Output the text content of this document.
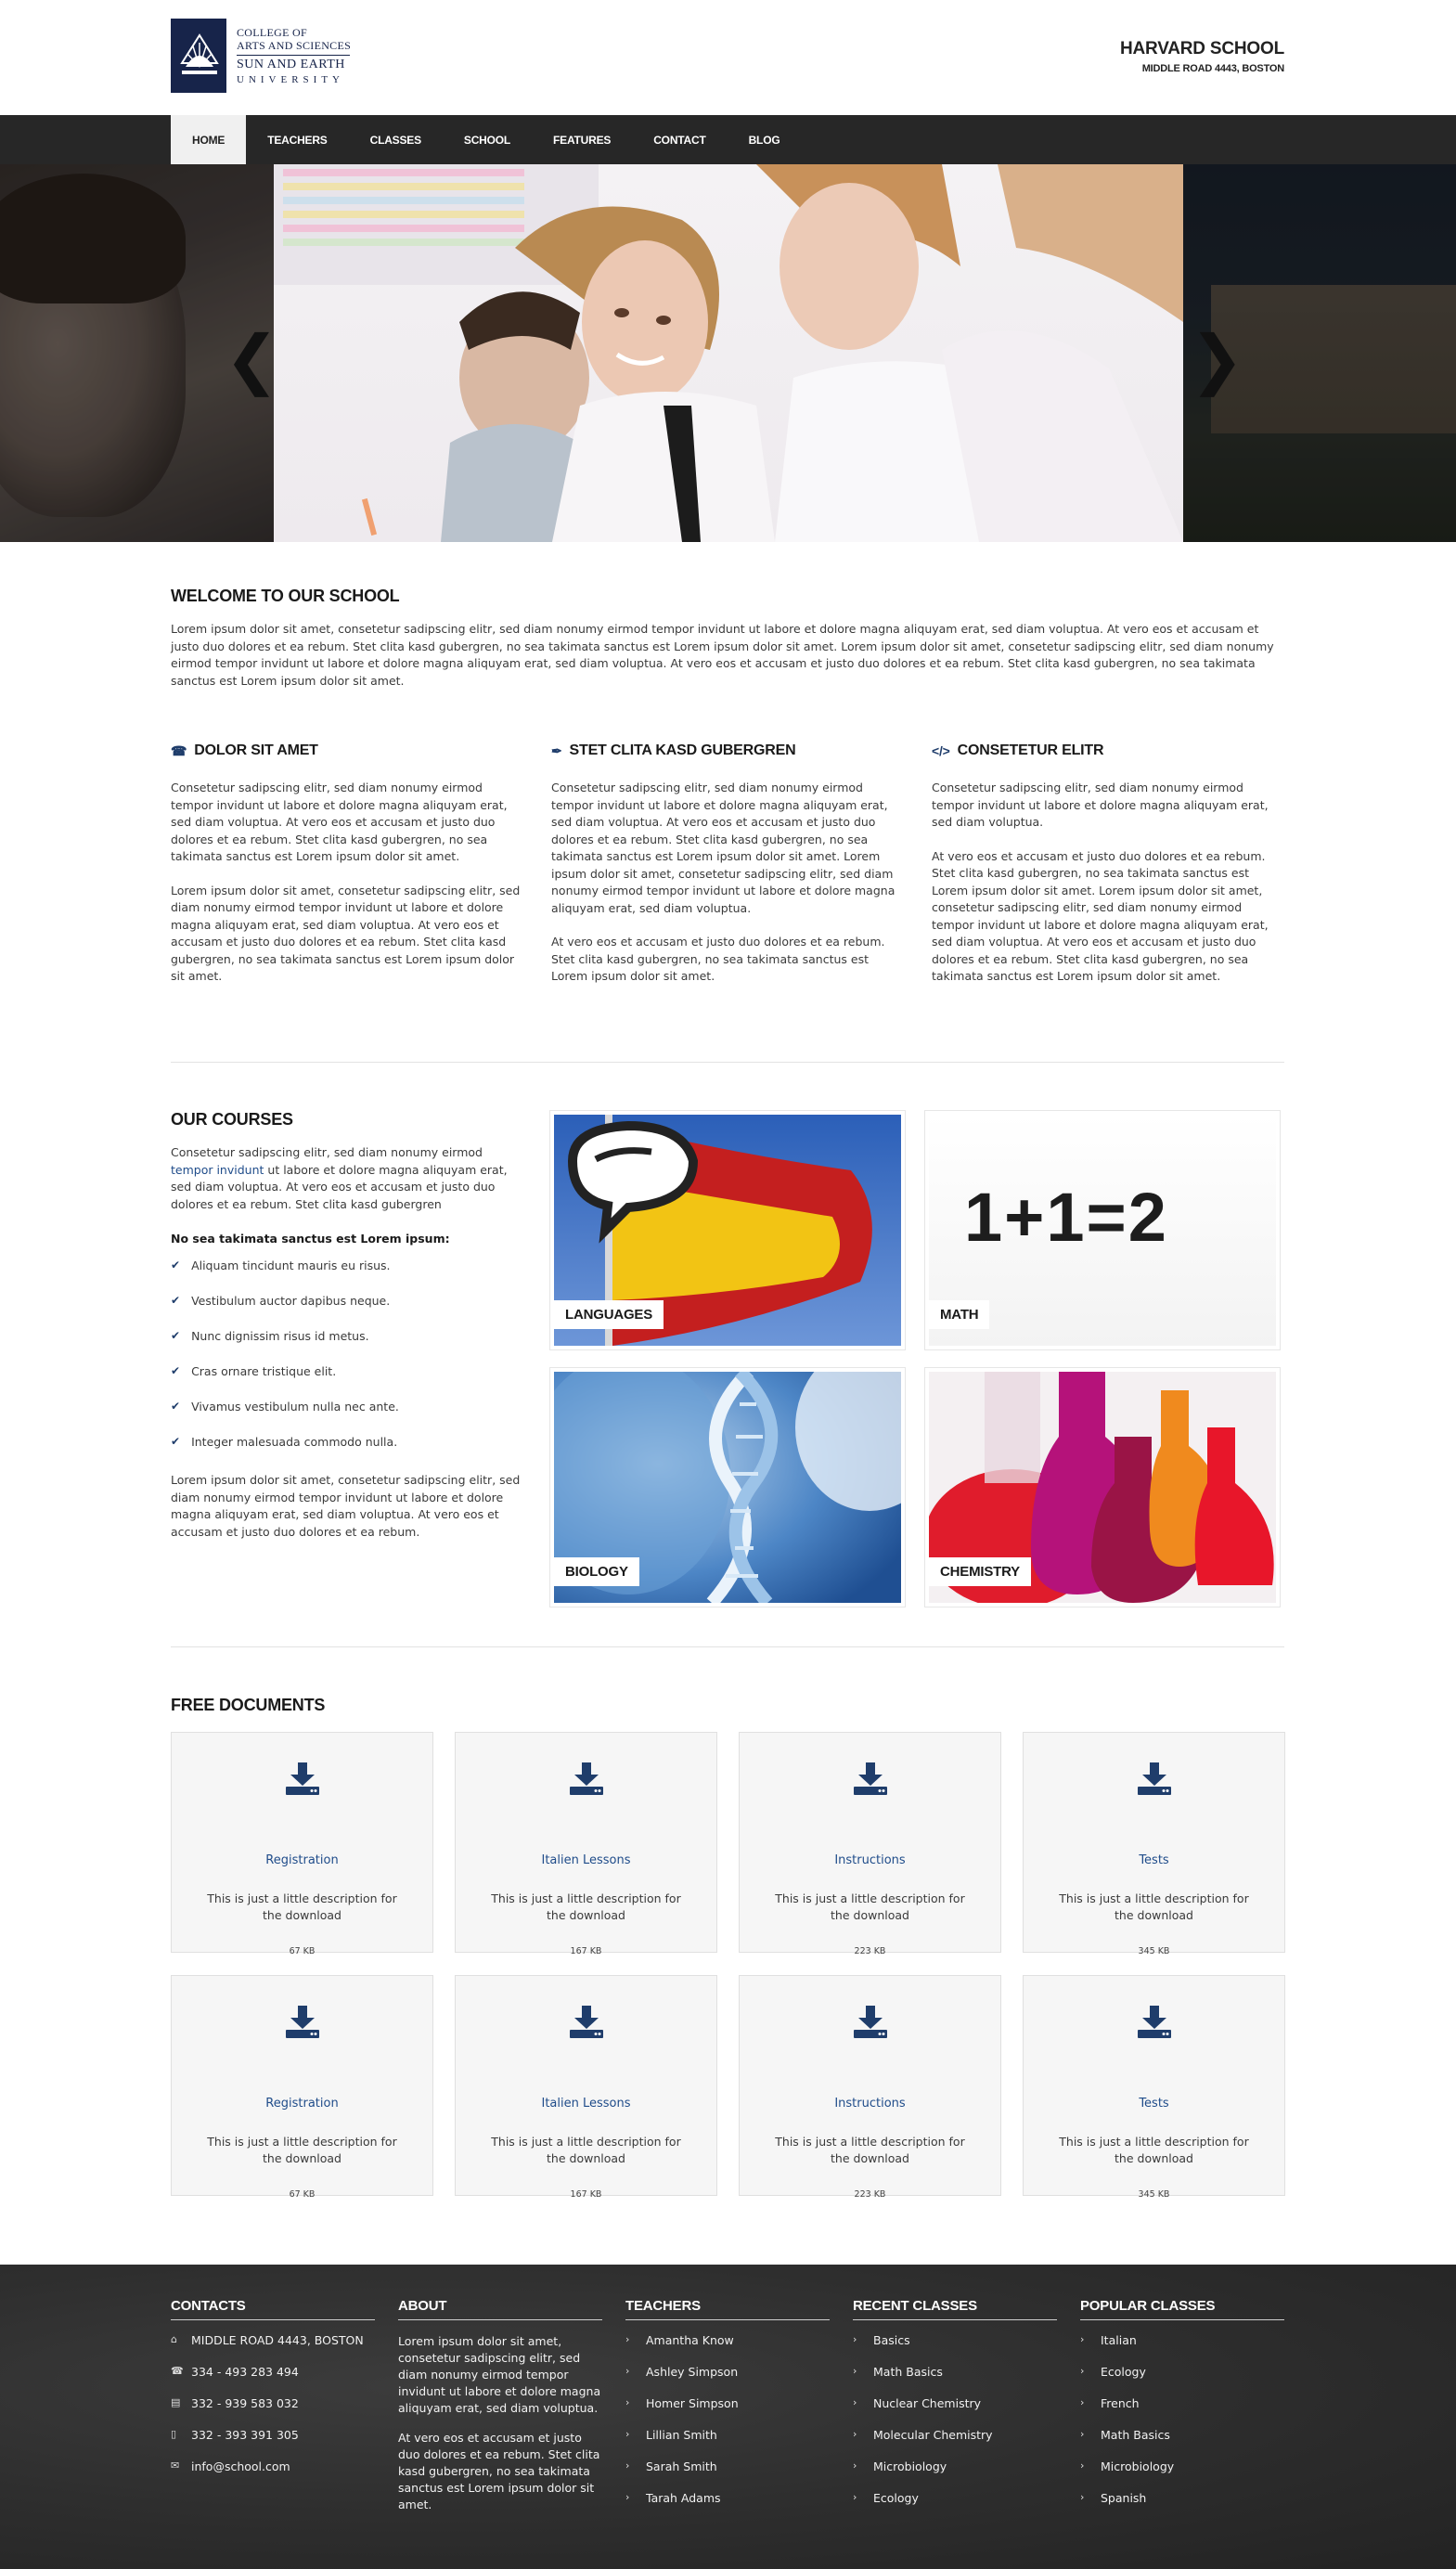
COLLEGE OF
ARTS AND SCIENCES
SUN AND EARTH
UNIVERSITY
HARVARD SCHOOL
MIDDLE ROAD 4443, BOSTON
HOME	TEACHERS	CLASSES	SCHOOL	FEATURES	CONTACT	BLOG
❮	❯
WELCOME TO OUR SCHOOL

Lorem ipsum dolor sit amet, consetetur sadipscing elitr, sed diam nonumy eirmod tempor invidunt ut labore et dolore magna aliquyam erat, sed diam voluptua. At vero eos et accusam et justo duo dolores et ea rebum. Stet clita kasd gubergren, no sea takimata sanctus est Lorem ipsum dolor sit amet. Lorem ipsum dolor sit amet, consetetur sadipscing elitr, sed diam nonumy eirmod tempor invidunt ut labore et dolore magna aliquyam erat, sed diam voluptua. At vero eos et accusam et justo duo dolores et ea rebum. Stet clita kasd gubergren, no sea takimata sanctus est Lorem ipsum dolor sit amet.

☎ DOLOR SIT AMET

Consetetur sadipscing elitr, sed diam nonumy eirmod tempor invidunt ut labore et dolore magna aliquyam erat, sed diam voluptua. At vero eos et accusam et justo duo dolores et ea rebum. Stet clita kasd gubergren, no sea takimata sanctus est Lorem ipsum dolor sit amet.

Lorem ipsum dolor sit amet, consetetur sadipscing elitr, sed diam nonumy eirmod tempor invidunt ut labore et dolore magna aliquyam erat, sed diam voluptua. At vero eos et accusam et justo duo dolores et ea rebum. Stet clita kasd gubergren, no sea takimata sanctus est Lorem ipsum dolor sit amet.

✒ STET CLITA KASD GUBERGREN

Consetetur sadipscing elitr, sed diam nonumy eirmod tempor invidunt ut labore et dolore magna aliquyam erat, sed diam voluptua. At vero eos et accusam et justo duo dolores et ea rebum. Stet clita kasd gubergren, no sea takimata sanctus est Lorem ipsum dolor sit amet. Lorem ipsum dolor sit amet, consetetur sadipscing elitr, sed diam nonumy eirmod tempor invidunt ut labore et dolore magna aliquyam erat, sed diam voluptua.

At vero eos et accusam et justo duo dolores et ea rebum. Stet clita kasd gubergren, no sea takimata sanctus est Lorem ipsum dolor sit amet.

</> CONSETETUR ELITR

Consetetur sadipscing elitr, sed diam nonumy eirmod tempor invidunt ut labore et dolore magna aliquyam erat, sed diam voluptua.

At vero eos et accusam et justo duo dolores et ea rebum. Stet clita kasd gubergren, no sea takimata sanctus est Lorem ipsum dolor sit amet. Lorem ipsum dolor sit amet, consetetur sadipscing elitr, sed diam nonumy eirmod tempor invidunt ut labore et dolore magna aliquyam erat, sed diam voluptua. At vero eos et accusam et justo duo dolores et ea rebum. Stet clita kasd gubergren, no sea takimata sanctus est Lorem ipsum dolor sit amet.

OUR COURSES

Consetetur sadipscing elitr, sed diam nonumy eirmod tempor invidunt ut labore et dolore magna aliquyam erat, sed diam voluptua. At vero eos et accusam et justo duo dolores et ea rebum. Stet clita kasd gubergren

No sea takimata sanctus est Lorem ipsum:
✔ Aliquam tincidunt mauris eu risus.
✔ Vestibulum auctor dapibus neque.
✔ Nunc dignissim risus id metus.
✔ Cras ornare tristique elit.
✔ Vivamus vestibulum nulla nec ante.
✔ Integer malesuada commodo nulla.

Lorem ipsum dolor sit amet, consetetur sadipscing elitr, sed diam nonumy eirmod tempor invidunt ut labore et dolore magna aliquyam erat, sed diam voluptua. At vero eos et accusam et justo duo dolores et ea rebum.

LANGUAGES
1+1=2
MATH
BIOLOGY	CHEMISTRY
FREE DOCUMENTS
Registration
This is just a little description for the download
67 KB
Italien Lessons
This is just a little description for the download
167 KB
Instructions
This is just a little description for the download
223 KB
Tests
This is just a little description for the download
345 KB
Registration
This is just a little description for the download
67 KB
Italien Lessons
This is just a little description for the download
167 KB
Instructions
This is just a little description for the download
223 KB
Tests
This is just a little description for the download
345 KB
CONTACTS
⌂	MIDDLE ROAD 4443, BOSTON
☎ 334 - 493 283 494
▤ 332 - 939 583 032
▯	332 - 393 391 305
✉	info@school.com
ABOUT

Lorem ipsum dolor sit amet, consetetur sadipscing elitr, sed diam nonumy eirmod tempor invidunt ut labore et dolore magna aliquyam erat, sed diam voluptua.

At vero eos et accusam et justo duo dolores et ea rebum. Stet clita kasd gubergren, no sea takimata sanctus est Lorem ipsum dolor sit amet.

TEACHERS
›	Amantha Know
›	Ashley Simpson
›	Homer Simpson
›	Lillian Smith
›	Sarah Smith
›	Tarah Adams
RECENT CLASSES
›	Basics
›	Math Basics
›	Nuclear Chemistry
›	Molecular Chemistry
›	Microbiology
›	Ecology
POPULAR CLASSES
›	Italian
›	Ecology
›	French
›	Math Basics
›	Microbiology
›	Spanish
